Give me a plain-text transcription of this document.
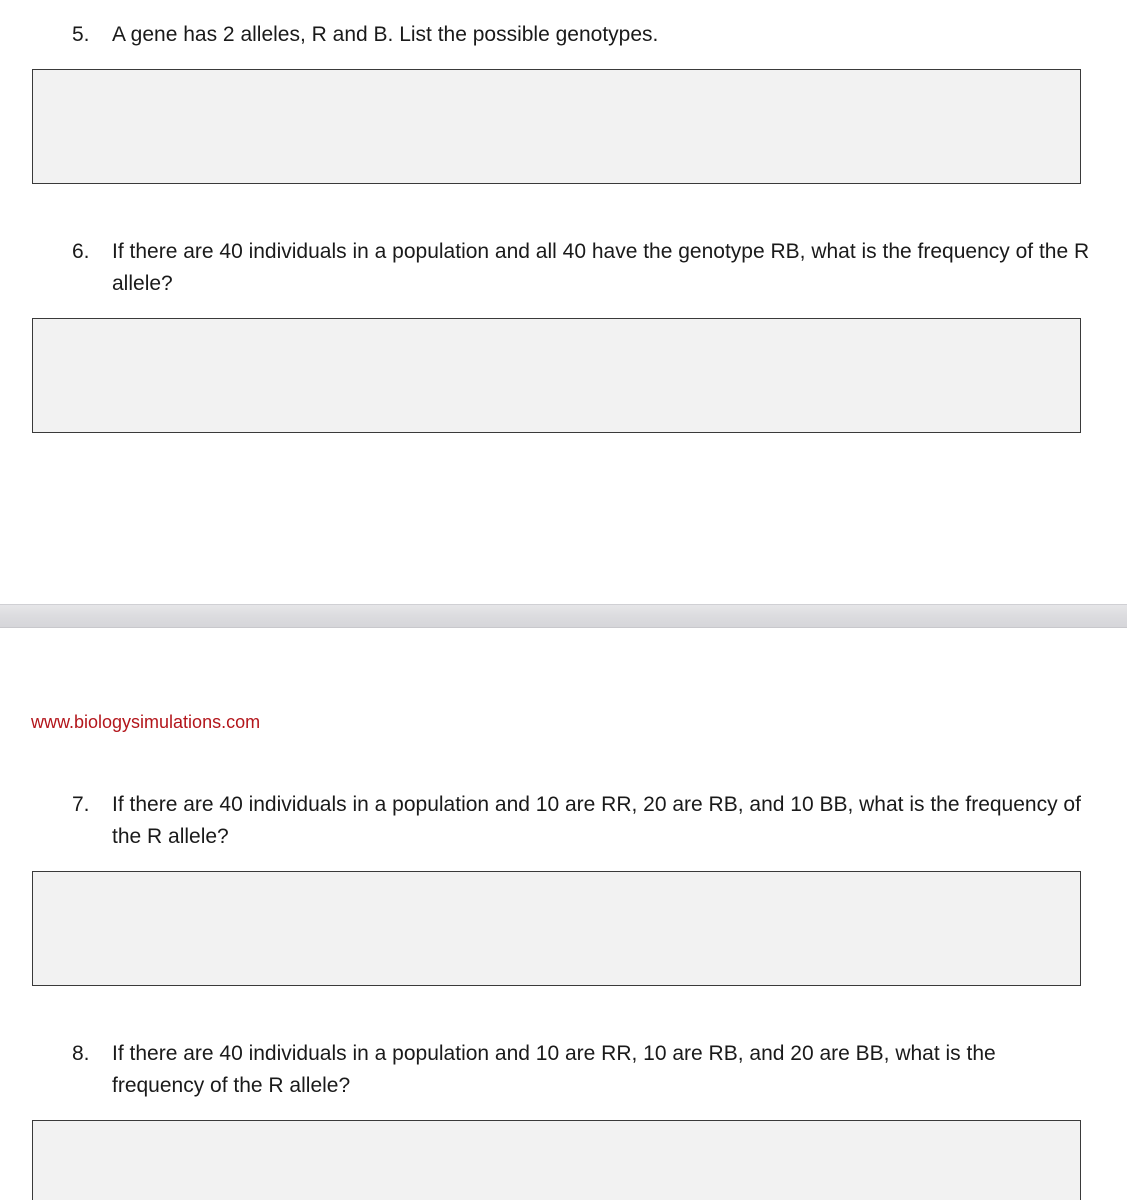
5.	A gene has 2 alleles, R and B. List the possible genotypes.
6.	If there are 40 individuals in a population and all 40 have the genotype RB, what is the frequency of the R allele?
www.biologysimulations.com
7.	If there are 40 individuals in a population and 10 are RR, 20 are RB, and 10 BB, what is the frequency of the R allele?
8.	If there are 40 individuals in a population and 10 are RR, 10 are RB, and 20 are BB, what is the frequency of the R allele?
